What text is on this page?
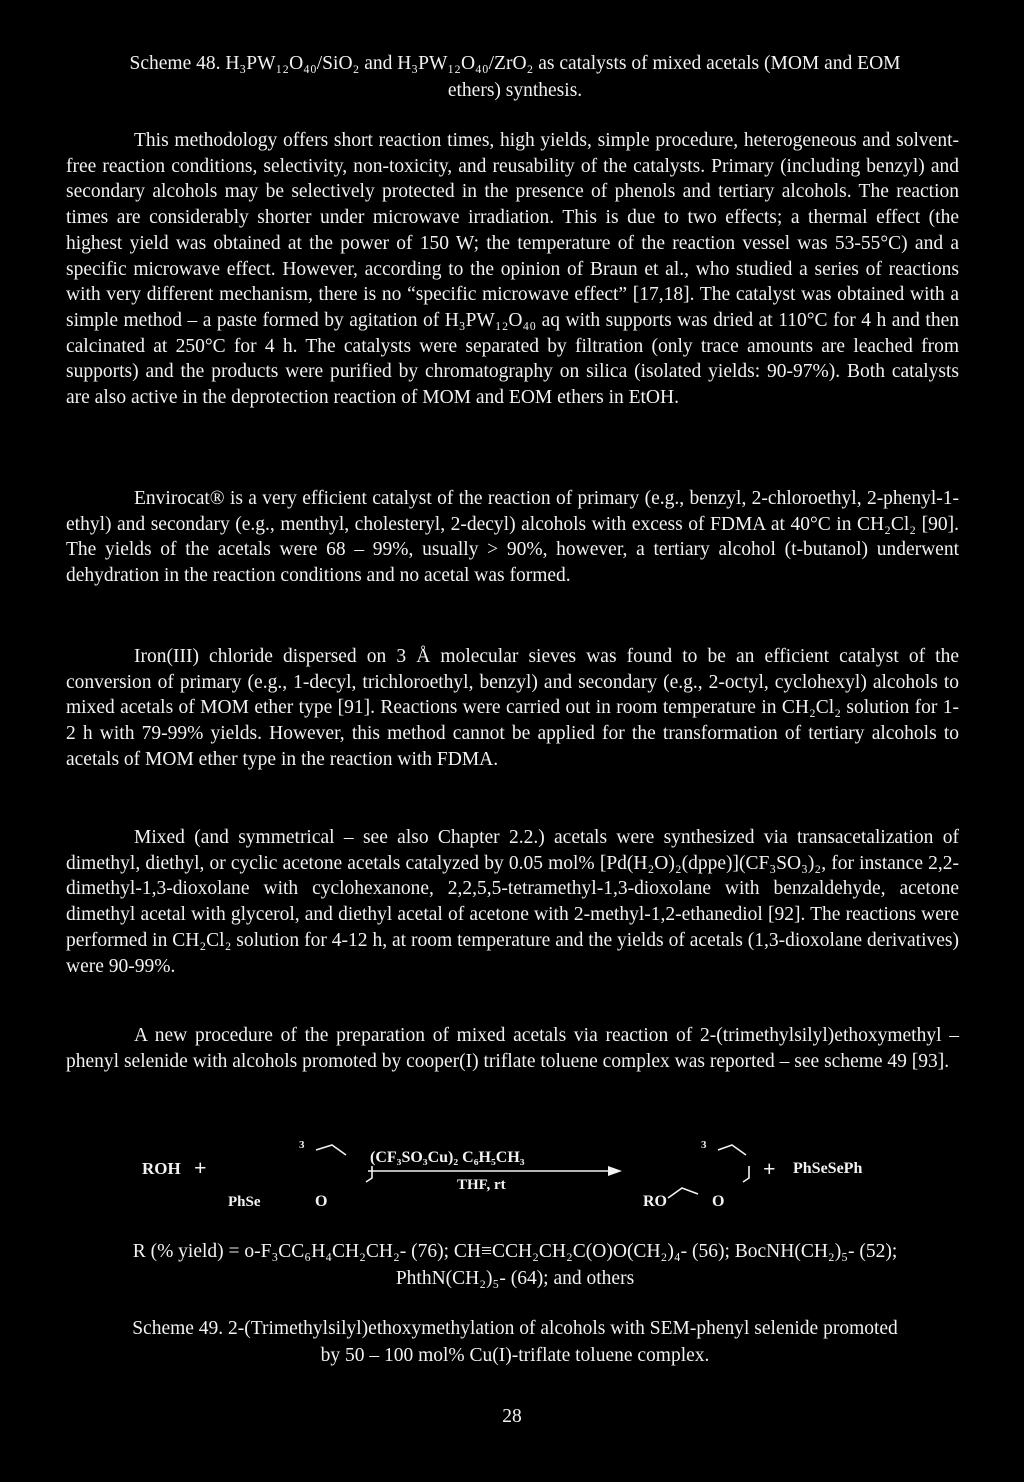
Scheme 48. H₃PW₁₂O₄₀/SiO₂ and H₃PW₁₂O₄₀/ZrO₂ as catalysts of mixed acetals (MOM and EOM
ethers) synthesis.

This methodology offers short reaction times, high yields, simple procedure, heterogeneous and solvent-free reaction conditions, selectivity, non-toxicity, and reusability of the catalysts. Primary (including benzyl) and secondary alcohols may be selectively protected in the presence of phenols and tertiary alcohols. The reaction times are considerably shorter under microwave irradiation. This is due to two effects; a thermal effect (the highest yield was obtained at the power of 150 W; the temperature of the reaction vessel was 53-55°C) and a specific microwave effect. However, according to the opinion of Braun et al., who studied a series of reactions with very different mechanism, there is no “specific microwave effect” [17,18]. The catalyst was obtained with a simple method – a paste formed by agitation of H₃PW₁₂O₄₀ aq with supports was dried at 110°C for 4 h and then calcinated at 250°C for 4 h. The catalysts were separated by filtration (only trace amounts are leached from supports) and the products were purified by chromatography on silica (isolated yields: 90-97%). Both catalysts are also active in the deprotection reaction of MOM and EOM ethers in EtOH.

Envirocat® is a very efficient catalyst of the reaction of primary (e.g., benzyl, 2-chloroethyl, 2-phenyl-1-ethyl) and secondary (e.g., menthyl, cholesteryl, 2-decyl) alcohols with excess of FDMA at 40°C in CH₂Cl₂ [90]. The yields of the acetals were 68 – 99%, usually > 90%, however, a tertiary alcohol (t-butanol) underwent dehydration in the reaction conditions and no acetal was formed.

Iron(III) chloride dispersed on 3 Å molecular sieves was found to be an efficient catalyst of the conversion of primary (e.g., 1-decyl, trichloroethyl, benzyl) and secondary (e.g., 2-octyl, cyclohexyl) alcohols to mixed acetals of MOM ether type [91]. Reactions were carried out in room temperature in CH₂Cl₂ solution for 1-2 h with 79-99% yields. However, this method cannot be applied for the transformation of tertiary alcohols to acetals of MOM ether type in the reaction with FDMA.

Mixed (and symmetrical – see also Chapter 2.2.) acetals were synthesized via transacetalization of dimethyl, diethyl, or cyclic acetone acetals catalyzed by 0.05 mol% [Pd(H₂O)₂(dppe)](CF₃SO₃)₂, for instance 2,2-dimethyl-1,3-dioxolane with cyclohexanone, 2,2,5,5-tetramethyl-1,3-dioxolane with benzaldehyde, acetone dimethyl acetal with glycerol, and diethyl acetal of acetone with 2-methyl-1,2-ethanediol [92]. The reactions were performed in CH₂Cl₂ solution for 4-12 h, at room temperature and the yields of acetals (1,3-dioxolane derivatives) were 90-99%.

A new procedure of the preparation of mixed acetals via reaction of 2-(trimethylsilyl)ethoxymethyl – phenyl selenide with alcohols promoted by cooper(I) triflate toluene complex was reported – see scheme 49 [93].

ROH +
3
PhSe	O
(CF₃SO₃Cu)₂ C₆H₅CH₃
THF, rt
3
RO	O
+ PhSeSePh
R (% yield) = o-F₃CC₆H₄CH₂CH₂- (76); CH≡CCH₂CH₂C(O)O(CH₂)₄- (56); BocNH(CH₂)₅- (52);
PhthN(CH₂)₅- (64); and others
Scheme 49. 2-(Trimethylsilyl)ethoxymethylation of alcohols with SEM-phenyl selenide promoted
by 50 – 100 mol% Cu(I)-triflate toluene complex.
28
